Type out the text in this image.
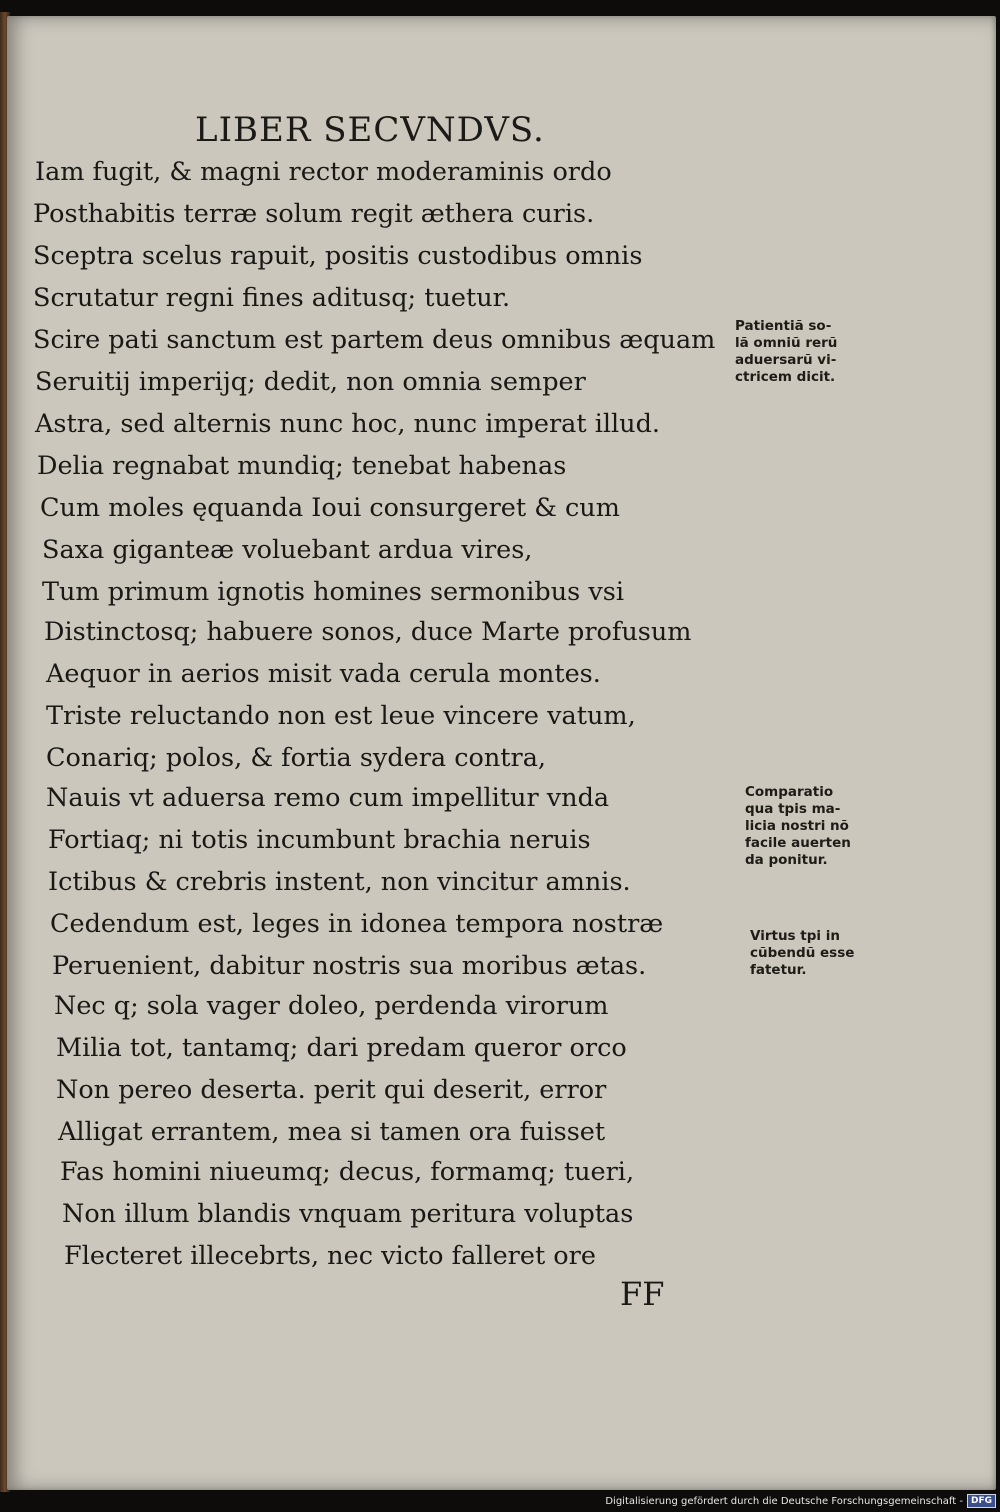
LIBER SECVNDVS.

Iam fugit, & magni rector moderaminis ordo

Posthabitis terræ solum regit æthera curis.

Sceptra scelus rapuit, positis custodibus omnis

Scrutatur regni fines aditusq; tuetur.

Scire pati sanctum est partem deus omnibus æquam

Seruitij imperijq; dedit, non omnia semper

Astra, sed alternis nunc hoc, nunc imperat illud.

Delia regnabat mundiq; tenebat habenas

Cum moles ęquanda Ioui consurgeret & cum

Saxa giganteæ voluebant ardua vires,

Tum primum ignotis homines sermonibus vsi

Distinctosq; habuere sonos, duce Marte profusum

Aequor in aerios misit vada cerula montes.

Triste reluctando non est leue vincere vatum,

Conariq; polos, & fortia sydera contra,

Nauis vt aduersa remo cum impellitur vnda

Fortiaq; ni totis incumbunt brachia neruis

Ictibus & crebris instent, non vincitur amnis.

Cedendum est, leges in idonea tempora nostræ

Peruenient, dabitur nostris sua moribus ætas.

Nec q; sola vager doleo, perdenda virorum

Milia tot, tantamq; dari predam queror orco

Non pereo deserta. perit qui deserit, error

Alligat errantem, mea si tamen ora fuisset

Fas homini niueumq; decus, formamq; tueri,

Non illum blandis vnquam peritura voluptas

Flecteret illecebrts, nec victo falleret ore

Patientiã so-
lã omniũ rerũ
aduersarũ vi-
ctricem dicit.
Comparatio
qua tpis ma-
licia nostri nõ
facile auerten
da ponitur.
Virtus tpi in
cũbendũ esse
fatetur.
FF
Digitalisierung gefördert durch die Deutsche Forschungsgemeinschaft - DFG
